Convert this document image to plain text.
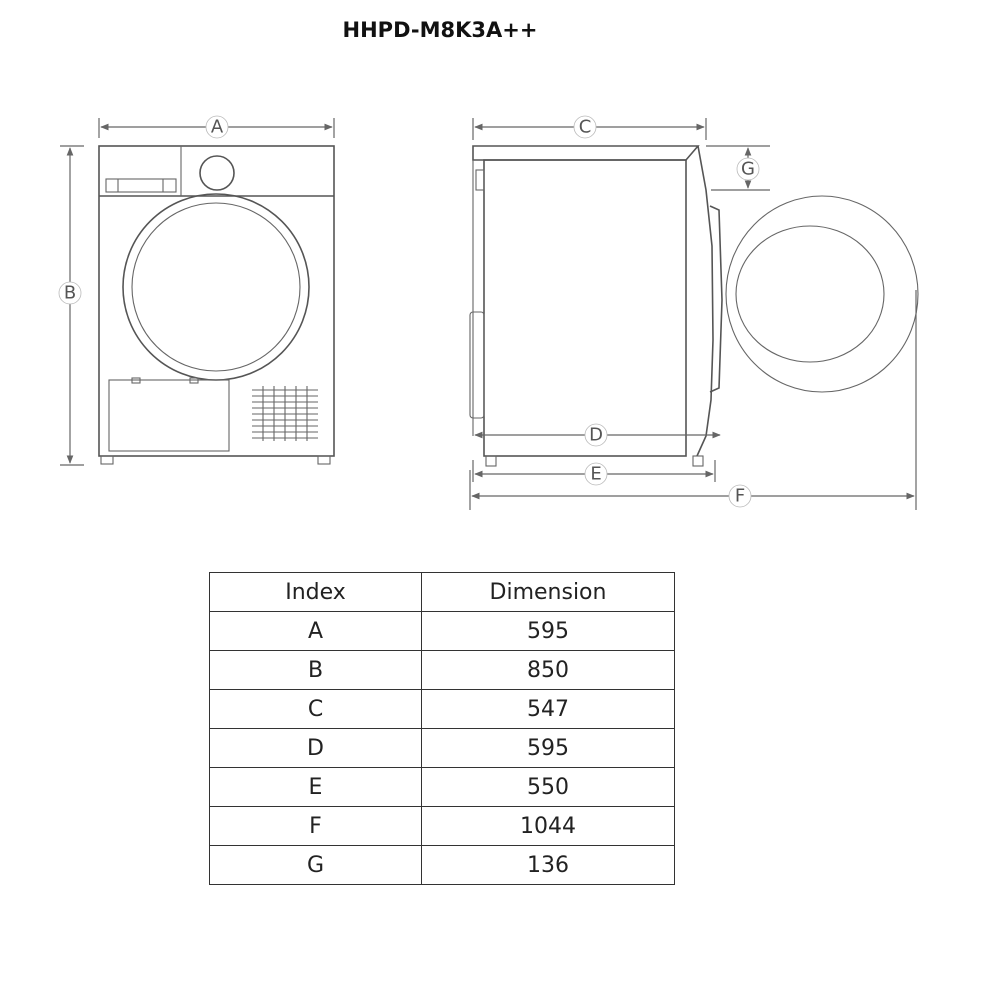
HHPD-M8K3A++
A
B
C
G
D
E
F
Index	Dimension
A	595
B	850
C	547
D	595
E	550
F	1044
G	136
